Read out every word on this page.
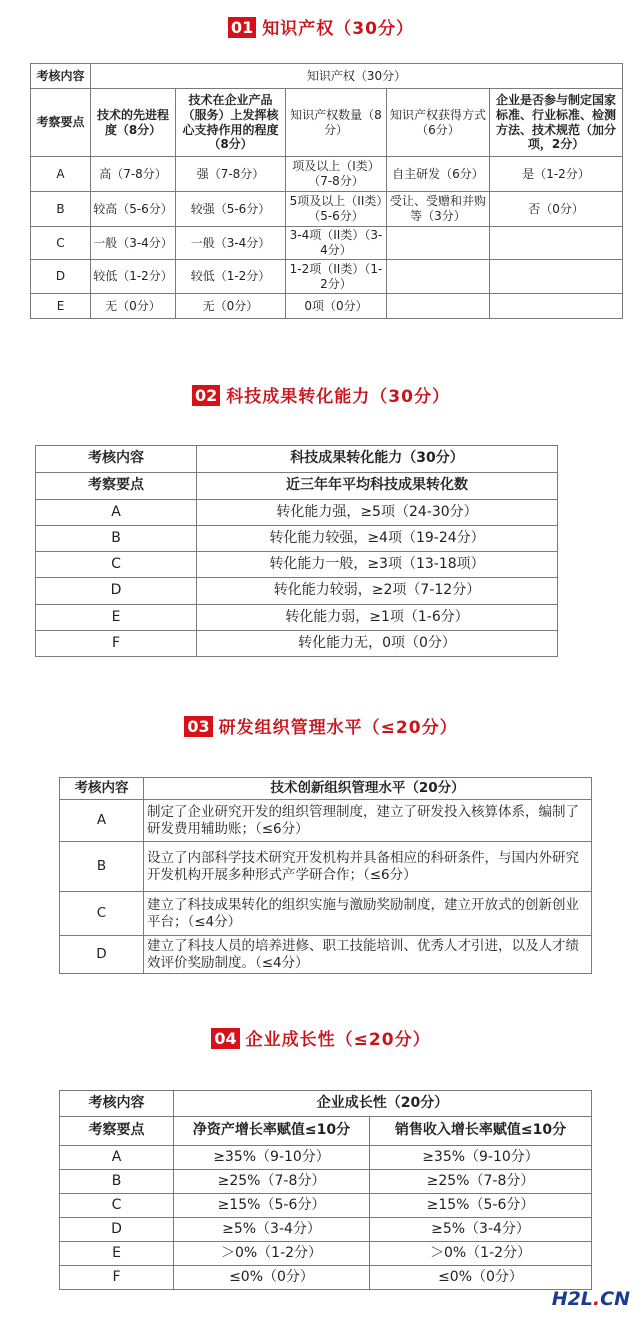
01 知识产权（30分）
考核内容	知识产权（30分）				
考察要点	技术的先进程度（8分）	技术在企业产品（服务）上发挥核心支持作用的程度（8分）	知识产权数量（8分）	知识产权获得方式（6分）	企业是否参与制定国家标准、行业标准、检测方法、技术规范（加分项，2分）
A	高（7-8分）	强（7-8分）	项及以上（I类）（7-8分）	自主研发（6分）	是（1-2分）
B	较高（5-6分）	较强（5-6分）	5项及以上（II类）（5-6分）	受让、受赠和并购等（3分）	否（0分）
C	一般（3-4分）	一般（3-4分）	3-4项（II类）（3-4分）		
D	较低（1-2分）	较低（1-2分）	1-2项（II类）（1-2分）		
E	无（0分）	无（0分）	0项（0分）		
02 科技成果转化能力（30分）
考核内容	科技成果转化能力（30分）
考察要点	近三年年平均科技成果转化数
A	转化能力强，≥5项（24-30分）
B	转化能力较强，≥4项（19-24分）
C	转化能力一般，≥3项（13-18项）
D	转化能力较弱，≥2项（7-12分）
E	转化能力弱，≥1项（1-6分）
F	转化能力无，0项（0分）
03 研发组织管理水平（≤20分）
考核内容	技术创新组织管理水平（20分）
A	制定了企业研究开发的组织管理制度，建立了研发投入核算体系，编制了研发费用辅助账；（≤6分）
B	设立了内部科学技术研究开发机构并具备相应的科研条件，与国内外研究开发机构开展多种形式产学研合作；（≤6分）
C	建立了科技成果转化的组织实施与激励奖励制度，建立开放式的创新创业平台；（≤4分）
D	建立了科技人员的培养进修、职工技能培训、优秀人才引进，以及人才绩效评价奖励制度。（≤4分）
04 企业成长性（≤20分）
考核内容	企业成长性（20分）	
考察要点	净资产增长率赋值≤10分	销售收入增长率赋值≤10分
A	≥35%（9-10分）	≥35%（9-10分）
B	≥25%（7-8分）	≥25%（7-8分）
C	≥15%（5-6分）	≥15%（5-6分）
D	≥5%（3-4分）	≥5%（3-4分）
E	＞0%（1-2分）	＞0%（1-2分）
F	≤0%（0分）	≤0%（0分）
H2L.CN
